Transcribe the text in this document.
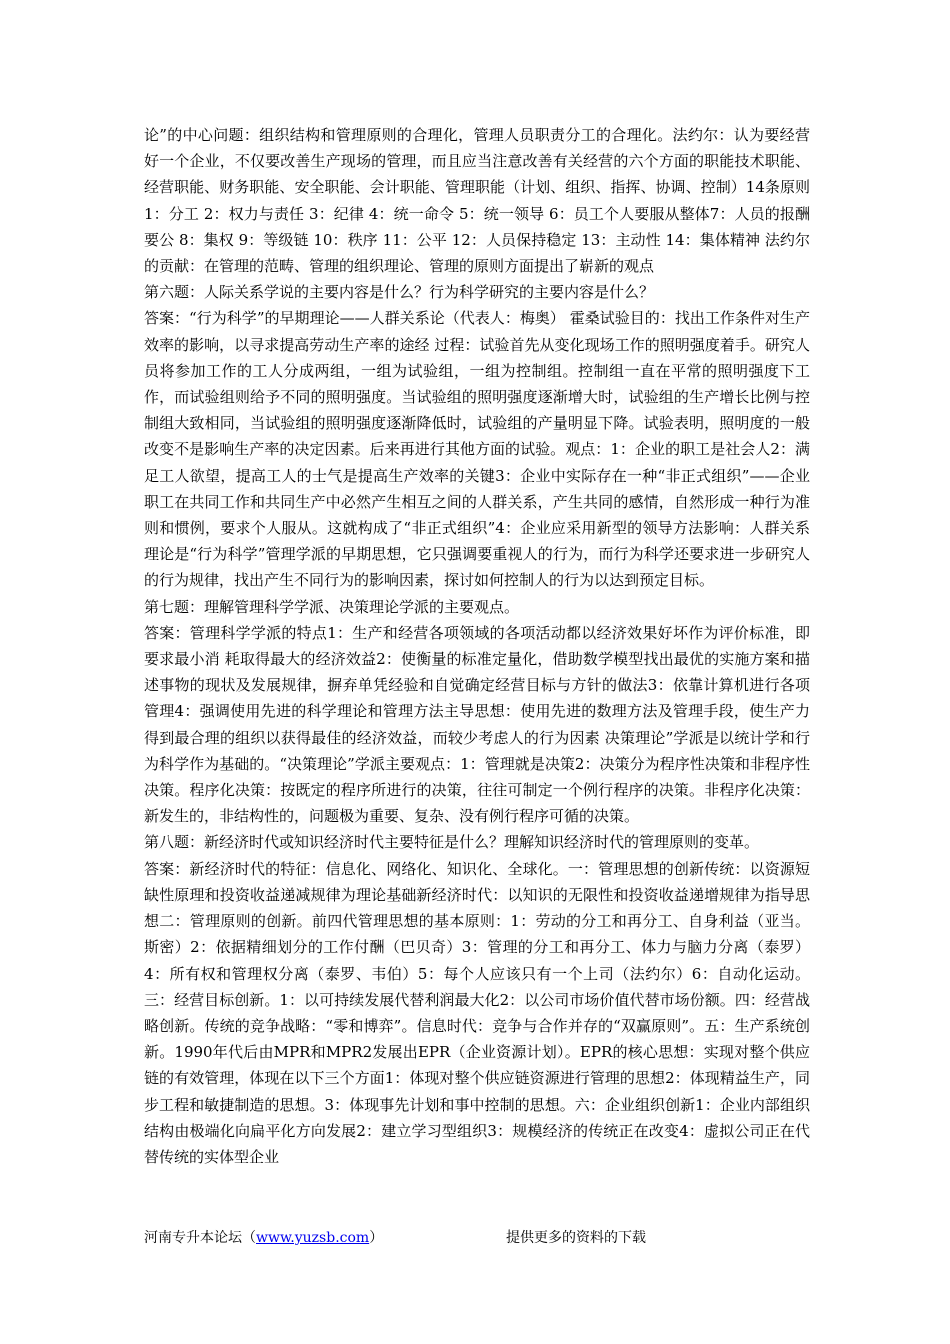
论”的中心问题：组织结构和管理原则的合理化，管理人员职责分工的合理化。法约尔：认为要经营好一个企业，不仅要改善生产现场的管理，而且应当注意改善有关经营的六个方面的职能技术职能、经营职能、财务职能、安全职能、会计职能、管理职能（计划、组织、指挥、协调、控制）14条原则1：分工 2：权力与责任 3：纪律 4：统一命令 5：统一领导 6：员工个人要服从整体7：人员的报酬要公 8：集权 9：等级链 10：秩序 11：公平 12：人员保持稳定 13：主动性 14：集体精神 法约尔的贡献：在管理的范畴、管理的组织理论、管理的原则方面提出了崭新的观点

第六题：人际关系学说的主要内容是什么？行为科学研究的主要内容是什么？

答案：“行为科学”的早期理论——人群关系论（代表人：梅奥） 霍桑试验目的：找出工作条件对生产效率的影响，以寻求提高劳动生产率的途经 过程：试验首先从变化现场工作的照明强度着手。研究人员将参加工作的工人分成两组，一组为试验组，一组为控制组。控制组一直在平常的照明强度下工作，而试验组则给予不同的照明强度。当试验组的照明强度逐渐增大时，试验组的生产增长比例与控制组大致相同，当试验组的照明强度逐渐降低时，试验组的产量明显下降。试验表明，照明度的一般改变不是影响生产率的决定因素。后来再进行其他方面的试验。观点：1：企业的职工是社会人2：满足工人欲望，提高工人的士气是提高生产效率的关键3：企业中实际存在一种“非正式组织”——企业职工在共同工作和共同生产中必然产生相互之间的人群关系，产生共同的感情，自然形成一种行为准则和惯例，要求个人服从。这就构成了“非正式组织”4：企业应采用新型的领导方法影响：人群关系理论是“行为科学”管理学派的早期思想，它只强调要重视人的行为，而行为科学还要求进一步研究人的行为规律，找出产生不同行为的影响因素，探讨如何控制人的行为以达到预定目标。

第七题：理解管理科学学派、决策理论学派的主要观点。

答案：管理科学学派的特点1：生产和经营各项领域的各项活动都以经济效果好坏作为评价标准，即要求最小消 耗取得最大的经济效益2：使衡量的标准定量化，借助数学模型找出最优的实施方案和描述事物的现状及发展规律，摒弃单凭经验和自觉确定经营目标与方针的做法3：依靠计算机进行各项管理4：强调使用先进的科学理论和管理方法主导思想：使用先进的数理方法及管理手段，使生产力得到最合理的组织以获得最佳的经济效益，而较少考虑人的行为因素 决策理论”学派是以统计学和行为科学作为基础的。“决策理论”学派主要观点：1：管理就是决策2：决策分为程序性决策和非程序性决策。程序化决策：按既定的程序所进行的决策，往往可制定一个例行程序的决策。非程序化决策：新发生的，非结构性的，问题极为重要、复杂、没有例行程序可循的决策。

第八题：新经济时代或知识经济时代主要特征是什么？理解知识经济时代的管理原则的变革。

答案：新经济时代的特征：信息化、网络化、知识化、全球化。一：管理思想的创新传统：以资源短缺性原理和投资收益递减规律为理论基础新经济时代：以知识的无限性和投资收益递增规律为指导思想二：管理原则的创新。前四代管理思想的基本原则：1：劳动的分工和再分工、自身利益（亚当。斯密）2：依据精细划分的工作付酬（巴贝奇）3：管理的分工和再分工、体力与脑力分离（泰罗）4：所有权和管理权分离（泰罗、韦伯）5：每个人应该只有一个上司（法约尔）6：自动化运动。三：经营目标创新。1：以可持续发展代替利润最大化2：以公司市场价值代替市场份额。四：经营战略创新。传统的竞争战略：“零和博弈”。信息时代：竞争与合作并存的“双赢原则”。五：生产系统创新。1990年代后由MPR和MPR2发展出EPR（企业资源计划）。EPR的核心思想：实现对整个供应链的有效管理，体现在以下三个方面1：体现对整个供应链资源进行管理的思想2：体现精益生产，同步工程和敏捷制造的思想。3：体现事先计划和事中控制的思想。六：企业组织创新1：企业内部组织结构由极端化向扁平化方向发展2：建立学习型组织3：规模经济的传统正在改变4：虚拟公司正在代替传统的实体型企业

河南专升本论坛（www.yuzsb.com）	提供更多的资料的下载
